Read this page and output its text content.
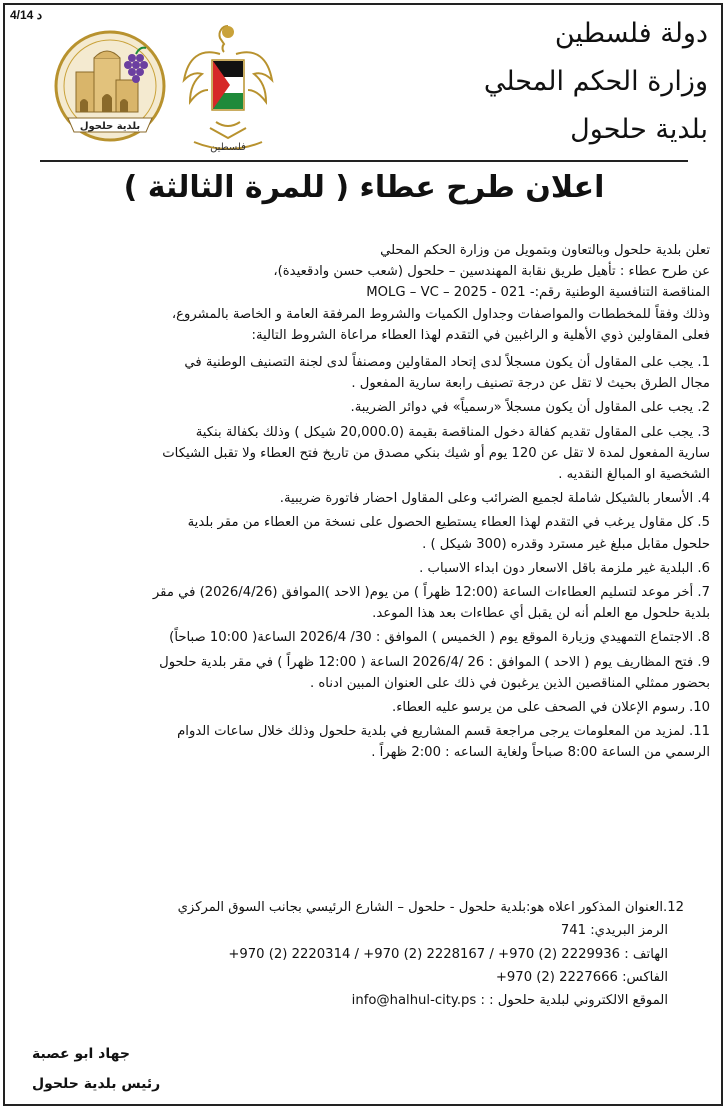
4/14 د
دولة فلسطين
وزارة الحكم المحلي
بلدية حلحول
فلسطين
بلدية حلحول
اعلان طرح عطاء ( للمرة الثالثة )
تعلن بلدية حلحول وبالتعاون وبتمويل من وزارة الحكم المحلي
عن طرح عطاء : تأهيل طريق نقابة المهندسين – حلحول (شعب حسن وادقعيدة)،
المناقصة التنافسية الوطنية رقم:- MOLG – VC – 2025 - 021
وذلك وفقاً للمخططات والمواصفات وجداول الكميات والشروط المرفقة العامة و الخاصة بالمشروع،
فعلى المقاولين ذوي الأهلية و الراغبين في التقدم لهذا العطاء مراعاة الشروط التالية:
1. يجب على المقاول أن يكون مسجلاً لدى إتحاد المقاولين ومصنفاً لدى لجنة التصنيف الوطنية في
مجال الطرق بحيث لا تقل عن درجة تصنيف رابعة سارية المفعول .
2. يجب على المقاول أن يكون مسجلاً «رسمياً» في دوائر الضريبة.
3. يجب على المقاول تقديم كفالة دخول المناقصة بقيمة (20,000.0 شيكل ) وذلك بكفالة بنكية
سارية المفعول لمدة لا تقل عن 120 يوم أو شيك بنكي مصدق من تاريخ فتح العطاء ولا تقبل الشيكات
الشخصية او المبالغ النقديه .
4. الأسعار بالشيكل شاملة لجميع الضرائب وعلى المقاول احضار فاتورة ضريبية.
5. كل مقاول يرغب في التقدم لهذا العطاء يستطيع الحصول على نسخة من العطاء من مقر بلدية
حلحول مقابل مبلغ غير مسترد وقدره (300 شيكل ) .
6. البلدية غير ملزمة باقل الاسعار دون ابداء الاسباب .
7. أخر موعد لتسليم العطاءات الساعة (12:00 ظهراً ) من يوم( الاحد )الموافق (2026/4/26) في مقر
بلدية حلحول مع العلم أنه لن يقبل أي عطاءات بعد هذا الموعد.
8. الاجتماع التمهيدي وزيارة الموقع يوم ( الخميس ) الموافق : 30/ 2026/4 الساعة( 10:00 صباحاً)
9. فتح المظاريف يوم ( الاحد ) الموافق : 26 /2026/4 الساعة ( 12:00 ظهراً ) في مقر بلدية حلحول
بحضور ممثلي المناقصين الذين يرغبون في ذلك على العنوان المبين ادناه .
10. رسوم الإعلان في الصحف على من يرسو عليه العطاء.
11. لمزيد من المعلومات يرجى مراجعة قسم المشاريع في بلدية حلحول وذلك خلال ساعات الدوام
الرسمي من الساعة 8:00 صباحاً ولغاية الساعه : 2:00 ظهراً .
12.العنوان المذكور اعلاه هو:بلدية حلحول - حلحول – الشارع الرئيسي بجانب السوق المركزي
الرمز البريدي: 741
الهاتف : +970 (2) 2220314 / +970 (2) 2228167 / +970 (2) 2229936
الفاكس: +970 (2) 2227666
الموقع الالكتروني لبلدية حلحول : : info@halhul-city.ps
جهاد ابو عصبة
رئيس بلدية حلحول
